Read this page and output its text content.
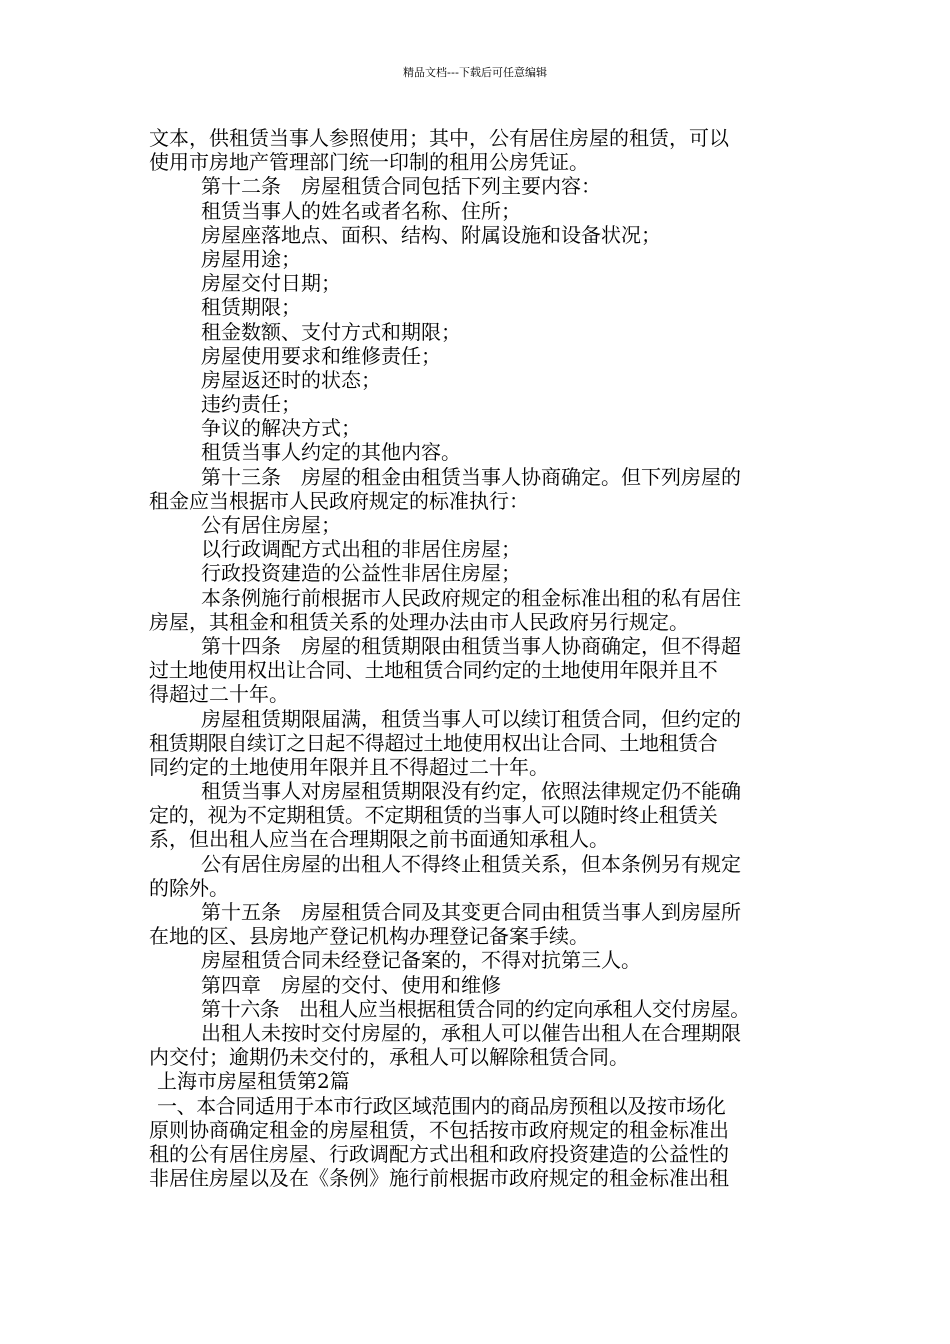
精品文档---下载后可任意编辑
文本，供租赁当事人参照使用；其中，公有居住房屋的租赁，可以
使用市房地产管理部门统一印制的租用公房凭证。
第十二条　房屋租赁合同包括下列主要内容：
租赁当事人的姓名或者名称、住所；
房屋座落地点、面积、结构、附属设施和设备状况；
房屋用途；
房屋交付日期；
租赁期限；
租金数额、支付方式和期限；
房屋使用要求和维修责任；
房屋返还时的状态；
违约责任；
争议的解决方式；
租赁当事人约定的其他内容。
第十三条　房屋的租金由租赁当事人协商确定。但下列房屋的
租金应当根据市人民政府规定的标准执行：
公有居住房屋；
以行政调配方式出租的非居住房屋；
行政投资建造的公益性非居住房屋；
本条例施行前根据市人民政府规定的租金标准出租的私有居住
房屋，其租金和租赁关系的处理办法由市人民政府另行规定。
第十四条　房屋的租赁期限由租赁当事人协商确定，但不得超
过土地使用权出让合同、土地租赁合同约定的土地使用年限并且不
得超过二十年。
房屋租赁期限届满，租赁当事人可以续订租赁合同，但约定的
租赁期限自续订之日起不得超过土地使用权出让合同、土地租赁合
同约定的土地使用年限并且不得超过二十年。
租赁当事人对房屋租赁期限没有约定，依照法律规定仍不能确
定的，视为不定期租赁。不定期租赁的当事人可以随时终止租赁关
系，但出租人应当在合理期限之前书面通知承租人。
公有居住房屋的出租人不得终止租赁关系，但本条例另有规定
的除外。
第十五条　房屋租赁合同及其变更合同由租赁当事人到房屋所
在地的区、县房地产登记机构办理登记备案手续。
房屋租赁合同未经登记备案的，不得对抗第三人。
第四章　房屋的交付、使用和维修
第十六条　出租人应当根据租赁合同的约定向承租人交付房屋。
出租人未按时交付房屋的，承租人可以催告出租人在合理期限
内交付；逾期仍未交付的，承租人可以解除租赁合同。
上海市房屋租赁第2篇
一、本合同适用于本市行政区域范围内的商品房预租以及按市场化
原则协商确定租金的房屋租赁，不包括按市政府规定的租金标准出
租的公有居住房屋、行政调配方式出租和政府投资建造的公益性的
非居住房屋以及在《条例》施行前根据市政府规定的租金标准出租
